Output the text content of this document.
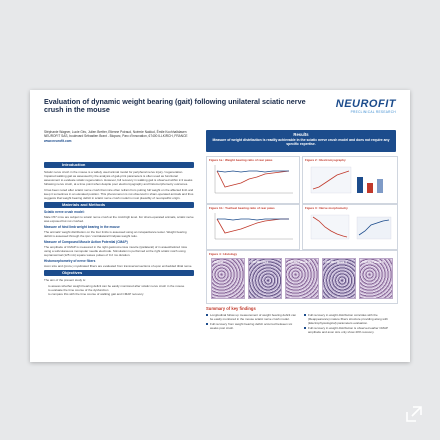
Evaluation of dynamic weight bearing (gait) following unilateral sciatic nerve crush in the mouse	NEUROFIT
PRECLINICAL RESEARCH
Stéphanie Wagner, Lucie Géc, Julien Bretter, Etienne Poiraud, Noémie Naidud, Émile Kochhaltdasen
NEUROFIT SAS, boulevard Sébastien Brant - Bioparc, Parc d'Innovation, 67400 ILLKIRCH, FRANCE
www.neurofit.com
Introduction
Sciatic nerve crush in the mouse is a widely used animal model for peripheral nerve injury / regeneration. Impaired walking gait as assessed by the analysis of gait-print parameters is often used as functional assessment to evaluate sciatic regeneration. However, full recovery in walking gait is observed within 2-3 weeks following nerve crush, at a time point when despite poor electromyography and histomorphometry outcomes.
It has been noted after sciatic nerve crush that mice often refrain from putting full weight on the affected limb and keep it sometimes in an elevated position. This phenomenon is not observed in sham-operated animals and thus suggests that weight bearing deficit in sciatic nerve crush model is most plausibly of neuropathic origin.
Materials and Methods
Sciatic nerve crush model:
Male C57 mice are subject to sciatic nerve crush at the mid-thigh level. For sham-operated animals, sciatic nerve was exposed but not crushed.
Measure of hind limb weight bearing in the mouse
The animals' weight distribution on the four limbs is assessed using an incapacitance tester. Weight bearing deficit is assessed through the ipsi / contralateral hindpaw weight ratio.
Measure of Compound Muscle Action Potential (CMAP)
The amplitude of CMAP is measured in the right gastrocnemius muscle (ipsilateral) of in anaesthetized mice using a subcutaneous monopolar needle electrode. Stimulation is performed at the right sciatic notch using supramaximal (125 mA) square waves pulses of 0.2 ms duration.
Histomorphometry of nerve fibers
Axon size and (proto-) myelinated fibers are evaluated from transversal sections of epon embedded tibial nerve.
Objectives
The aim of the present study is:
to assess whether weight bearing deficit can be easily monitored after sciatic nerve crush in the mouse
to evaluate the time course of the dysfunction
to compare this with the time course of walking gait and CMAP recovery
Results
Measure of weight distribution is readily achievable in the sciatic nerve crush model and does not require any specific expertise.
Figure 1a : Weight bearing ratio of rear paws
Figure 1b : Toe/heel bearing ratio of rear paws
Figure 2 : Electromyography
Figure 3 : Nerve morphometry
Figure 4 : Histology
SHAM	CRUSH D14	CRUSH Week 3	CRUSH Week 4	CRUSH Week 5
Summary of key findings
Longitudinal follow up measurement of weight bearing deficit can be easily monitored in the mouse sciatic nerve crush model.
Full recovery from weight bearing deficit occurred between six weeks post crush.
Full recovery in weight distribution coincides with the (Reappearance) mature fibers structure providing along with (Electrophysiological) parameters evaluation.
Full recovery in weight distribution is observed earlier CMAP amplitude and axon size only show 40% recovery.
